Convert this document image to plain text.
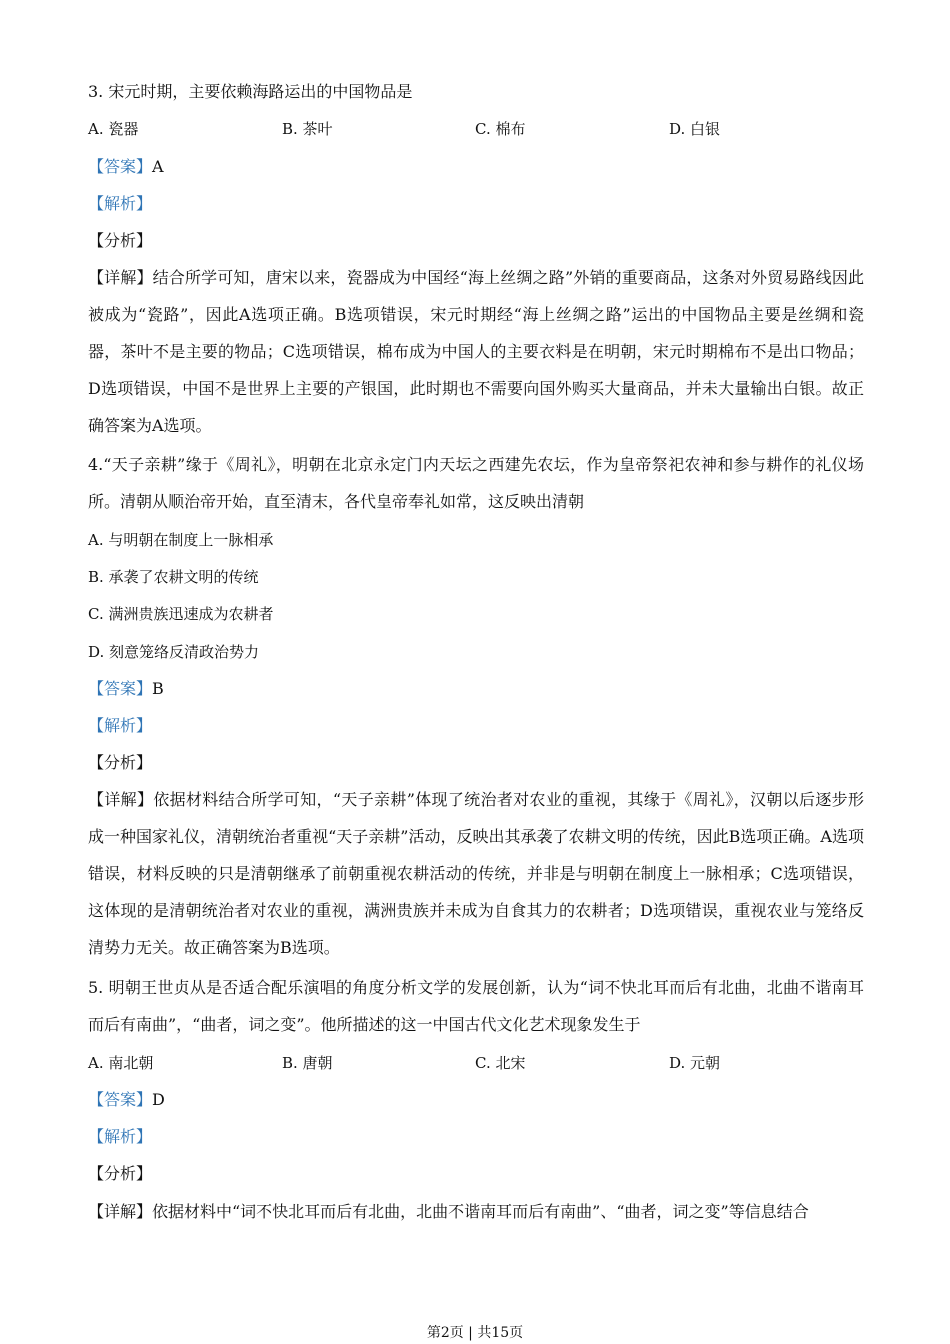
3. 宋元时期，主要依赖海路运出的中国物品是
A. 瓷器	B. 茶叶	C. 棉布	D. 白银
【答案】A
【解析】
【分析】
【详解】结合所学可知，唐宋以来，瓷器成为中国经“海上丝绸之路”外销的重要商品，这条对外贸易路线因此被成为“瓷路”，因此A选项正确。B选项错误，宋元时期经“海上丝绸之路”运出的中国物品主要是丝绸和瓷器，茶叶不是主要的物品；C选项错误，棉布成为中国人的主要衣料是在明朝，宋元时期棉布不是出口物品；D选项错误，中国不是世界上主要的产银国，此时期也不需要向国外购买大量商品，并未大量输出白银。故正确答案为A选项。
4.“天子亲耕”缘于《周礼》，明朝在北京永定门内天坛之西建先农坛，作为皇帝祭祀农神和参与耕作的礼仪场所。清朝从顺治帝开始，直至清末，各代皇帝奉礼如常，这反映出清朝
A. 与明朝在制度上一脉相承
B. 承袭了农耕文明的传统
C. 满洲贵族迅速成为农耕者
D. 刻意笼络反清政治势力
【答案】B
【解析】
【分析】
【详解】依据材料结合所学可知，“天子亲耕”体现了统治者对农业的重视，其缘于《周礼》，汉朝以后逐步形成一种国家礼仪，清朝统治者重视“天子亲耕”活动，反映出其承袭了农耕文明的传统，因此B选项正确。A选项错误，材料反映的只是清朝继承了前朝重视农耕活动的传统，并非是与明朝在制度上一脉相承；C选项错误，这体现的是清朝统治者对农业的重视，满洲贵族并未成为自食其力的农耕者；D选项错误，重视农业与笼络反清势力无关。故正确答案为B选项。
5. 明朝王世贞从是否适合配乐演唱的角度分析文学的发展创新，认为“词不快北耳而后有北曲，北曲不谐南耳而后有南曲”，“曲者，词之变”。他所描述的这一中国古代文化艺术现象发生于
A. 南北朝	B. 唐朝	C. 北宋	D. 元朝
【答案】D
【解析】
【分析】
【详解】依据材料中“词不快北耳而后有北曲，北曲不谐南耳而后有南曲”、“曲者，词之变”等信息结合
第2页 | 共15页
